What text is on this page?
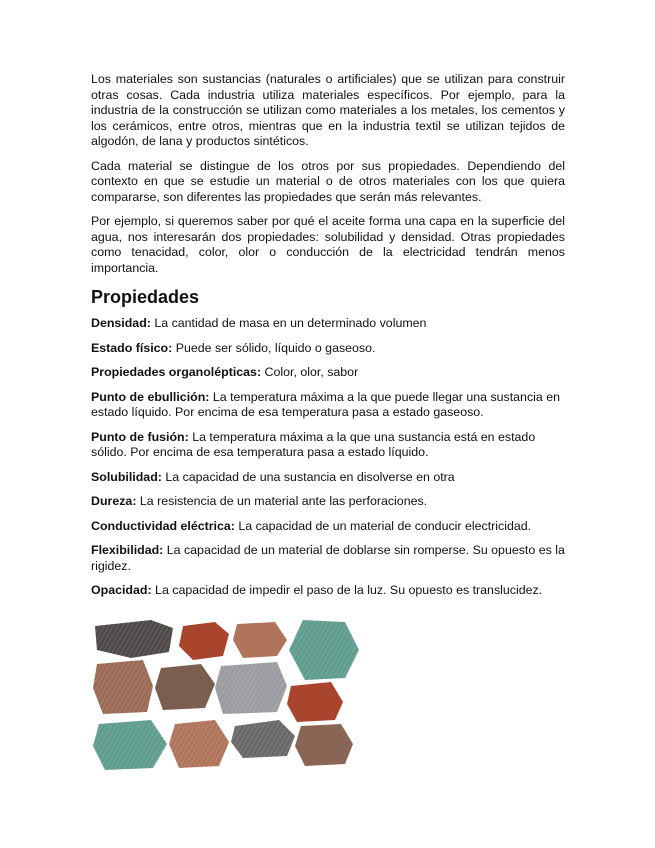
Los materiales son sustancias (naturales o artificiales) que se utilizan para construir otras cosas. Cada industria utiliza materiales específicos. Por ejemplo, para la industria de la construcción se utilizan como materiales a los metales, los cementos y los cerámicos, entre otros, mientras que en la industria textil se utilizan tejidos de algodón, de lana y productos sintéticos.

Cada material se distingue de los otros por sus propiedades. Dependiendo del contexto en que se estudie un material o de otros materiales con los que quiera compararse, son diferentes las propiedades que serán más relevantes.

Por ejemplo, si queremos saber por qué el aceite forma una capa en la superficie del agua, nos interesarán dos propiedades: solubilidad y densidad. Otras propiedades como tenacidad, color, olor o conducción de la electricidad tendrán menos importancia.

Propiedades

Densidad: La cantidad de masa en un determinado volumen

Estado físico: Puede ser sólido, líquido o gaseoso.

Propiedades organolépticas: Color, olor, sabor

Punto de ebullición: La temperatura máxima a la que puede llegar una sustancia en estado líquido. Por encima de esa temperatura pasa a estado gaseoso.

Punto de fusión: La temperatura máxima a la que una sustancia está en estado sólido. Por encima de esa temperatura pasa a estado líquido.

Solubilidad: La capacidad de una sustancia en disolverse en otra

Dureza: La resistencia de un material ante las perforaciones.

Conductividad eléctrica: La capacidad de un material de conducir electricidad.

Flexibilidad: La capacidad de un material de doblarse sin romperse. Su opuesto es la rigidez.

Opacidad: La capacidad de impedir el paso de la luz. Su opuesto es translucidez.
